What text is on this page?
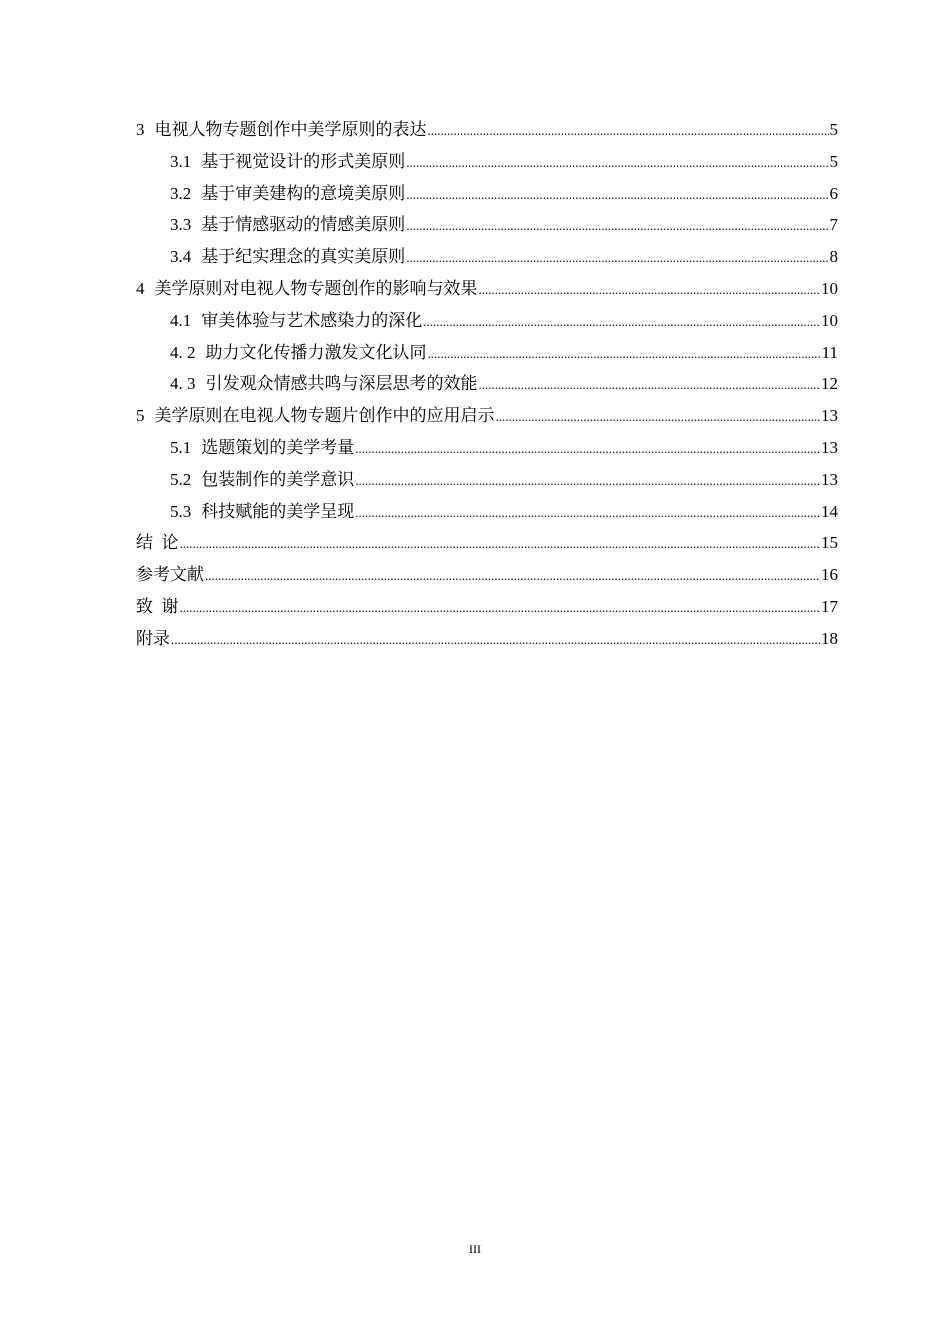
3 电视人物专题创作中美学原则的表达 .....	5
3.1 基于视觉设计的形式美原则 .....	5
3.2 基于审美建构的意境美原则 .....	6
3.3 基于情感驱动的情感美原则 .....	7
3.4 基于纪实理念的真实美原则 .....	8
4 美学原则对电视人物专题创作的影响与效果 .....	10
4.1 审美体验与艺术感染力的深化 .....	10
4. 2 助力文化传播力激发文化认同 .....	11
4. 3 引发观众情感共鸣与深层思考的效能 .....	12
5 美学原则在电视人物专题片创作中的应用启示 .....	13
5.1 选题策划的美学考量 .....	13
5.2 包装制作的美学意识 .....	13
5.3 科技赋能的美学呈现 .....	14
结  论 .....	15
参考文献 .....	16
致  谢 .....	17
附录 .....	18
III
